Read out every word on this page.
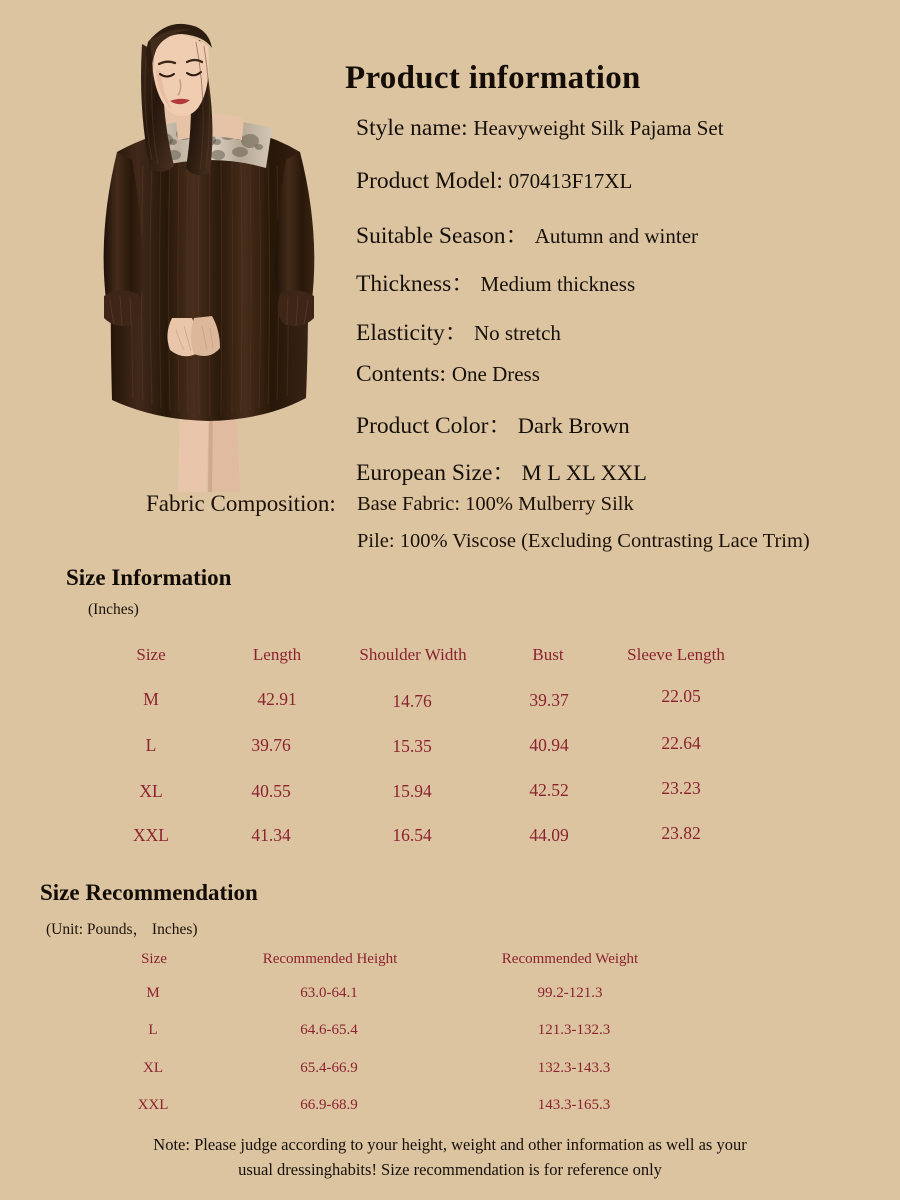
Product information
Style name: Heavyweight Silk Pajama Set
Product Model: 070413F17XL
Suitable Season： Autumn and winter
Thickness： Medium thickness
Elasticity： No stretch
Contents: One Dress
Product Color： Dark Brown
European Size： M L XL XXL
Fabric Composition: Base Fabric: 100% Mulberry Silk
Pile: 100% Viscose (Excluding Contrasting Lace Trim)
Size Information
(Inches)
Size	Length	Shoulder Width	Bust	Sleeve Length
M	42.91	14.76	39.37	22.05
L	39.76	15.35	40.94	22.64
XL	40.55	15.94	42.52	23.23
XXL	41.34	16.54	44.09	23.82
Size Recommendation
(Unit: Pounds， Inches)
Size	Recommended Height	Recommended Weight
M	63.0-64.1	99.2-121.3
L	64.6-65.4	121.3-132.3
XL	65.4-66.9	132.3-143.3
XXL	66.9-68.9	143.3-165.3
Note: Please judge according to your height, weight and other information as well as your
usual dressinghabits! Size recommendation is for reference only
